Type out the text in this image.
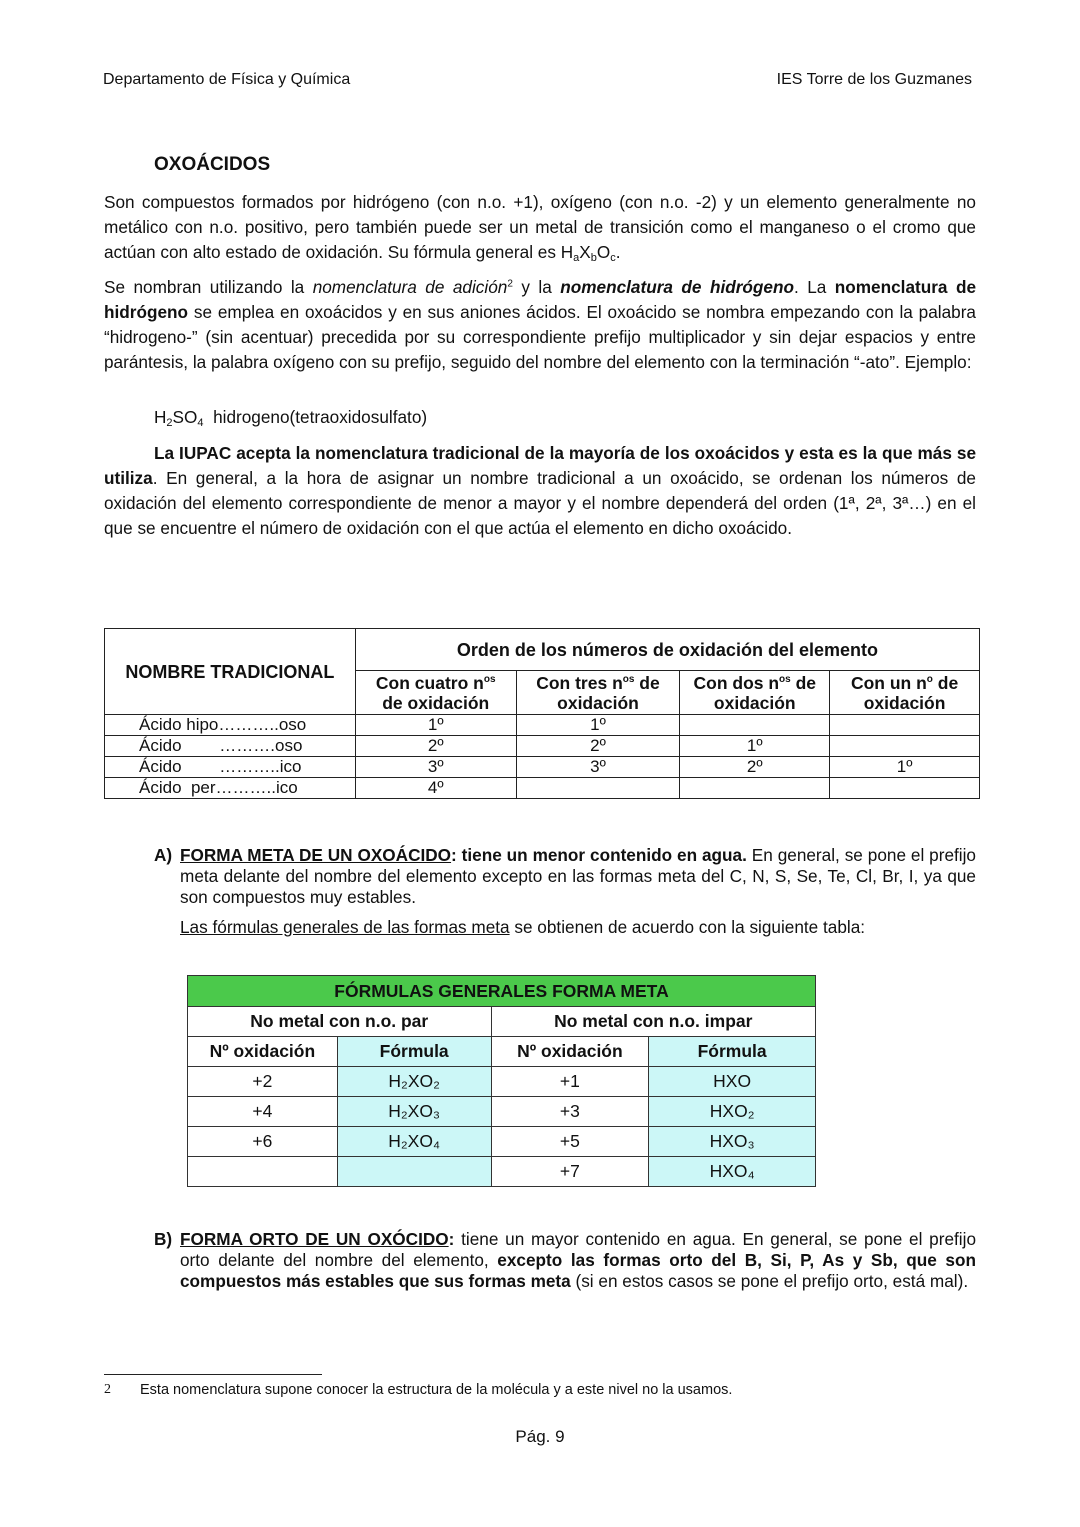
Departamento de Física y Química	IES Torre de los Guzmanes
OXOÁCIDOS

Son compuestos formados por hidrógeno (con n.o. +1), oxígeno (con n.o. -2) y un elemento generalmente no metálico con n.o. positivo, pero también puede ser un metal de transición como el manganeso o el cromo que actúan con alto estado de oxidación. Su fórmula general es $H_aX_bO_c$.

Se nombran utilizando la nomenclatura de adición$^2$ y la nomenclatura de hidrógeno. La nomenclatura de hidrógeno se emplea en oxoácidos y en sus aniones ácidos. El oxoácido se nombra empezando con la palabra “hidrogeno-” (sin acentuar) precedida por su correspondiente prefijo multiplicador y sin dejar espacios y entre parántesis, la palabra oxígeno con su prefijo, seguido del nombre del elemento con la terminación “-ato”. Ejemplo:

$H_2SO_4$ hidrogeno(tetraoxidosulfato)

La IUPAC acepta la nomenclatura tradicional de la mayoría de los oxoácidos y esta es la que más se utiliza. En general, a la hora de asignar un nombre tradicional a un oxoácido, se ordenan los números de oxidación del elemento correspondiente de menor a mayor y el nombre dependerá del orden (1ª, 2ª, 3ª…) en el que se encuentre el número de oxidación con el que actúa el elemento en dicho oxoácido.

NOMBRE TRADICIONAL	Orden de los números de oxidación del elemento			
	Con cuatro $n^{os}$
de oxidación	Con tres $n^{os}$ de oxidación	Con dos $n^{os}$ de oxidación	Con un $n^o$ de oxidación
Ácido hipo………..oso	1º	1º		
Ácido        ……….oso	2º	2º	1º	
Ácido        ………..ico	3º	3º	2º	1º
Ácido  per………..ico	4º			
A) FORMA META DE UN OXOÁCIDO: tiene un menor contenido en agua. En general, se pone el prefijo meta delante del nombre del elemento excepto en las formas meta del C, N, S, Se, Te, Cl, Br, I, ya que son compuestos muy estables.
Las fórmulas generales de las formas meta se obtienen de acuerdo con la siguiente tabla:
FÓRMULAS GENERALES FORMA META			
No metal con n.o. par		No metal con n.o. impar	
Nº oxidación	Fórmula	Nº oxidación	Fórmula
+2	H₂XO₂	+1	HXO
+4	H₂XO₃	+3	HXO₂
+6	H₂XO₄	+5	HXO₃
		+7	HXO₄
B) FORMA ORTO DE UN OXÓCIDO: tiene un mayor contenido en agua. En general, se pone el prefijo orto delante del nombre del elemento, excepto las formas orto del B, Si, P, As y Sb, que son compuestos más estables que sus formas meta (si en estos casos se pone el prefijo orto, está mal).
2 Esta nomenclatura supone conocer la estructura de la molécula y a este nivel no la usamos.
Pág. 9
